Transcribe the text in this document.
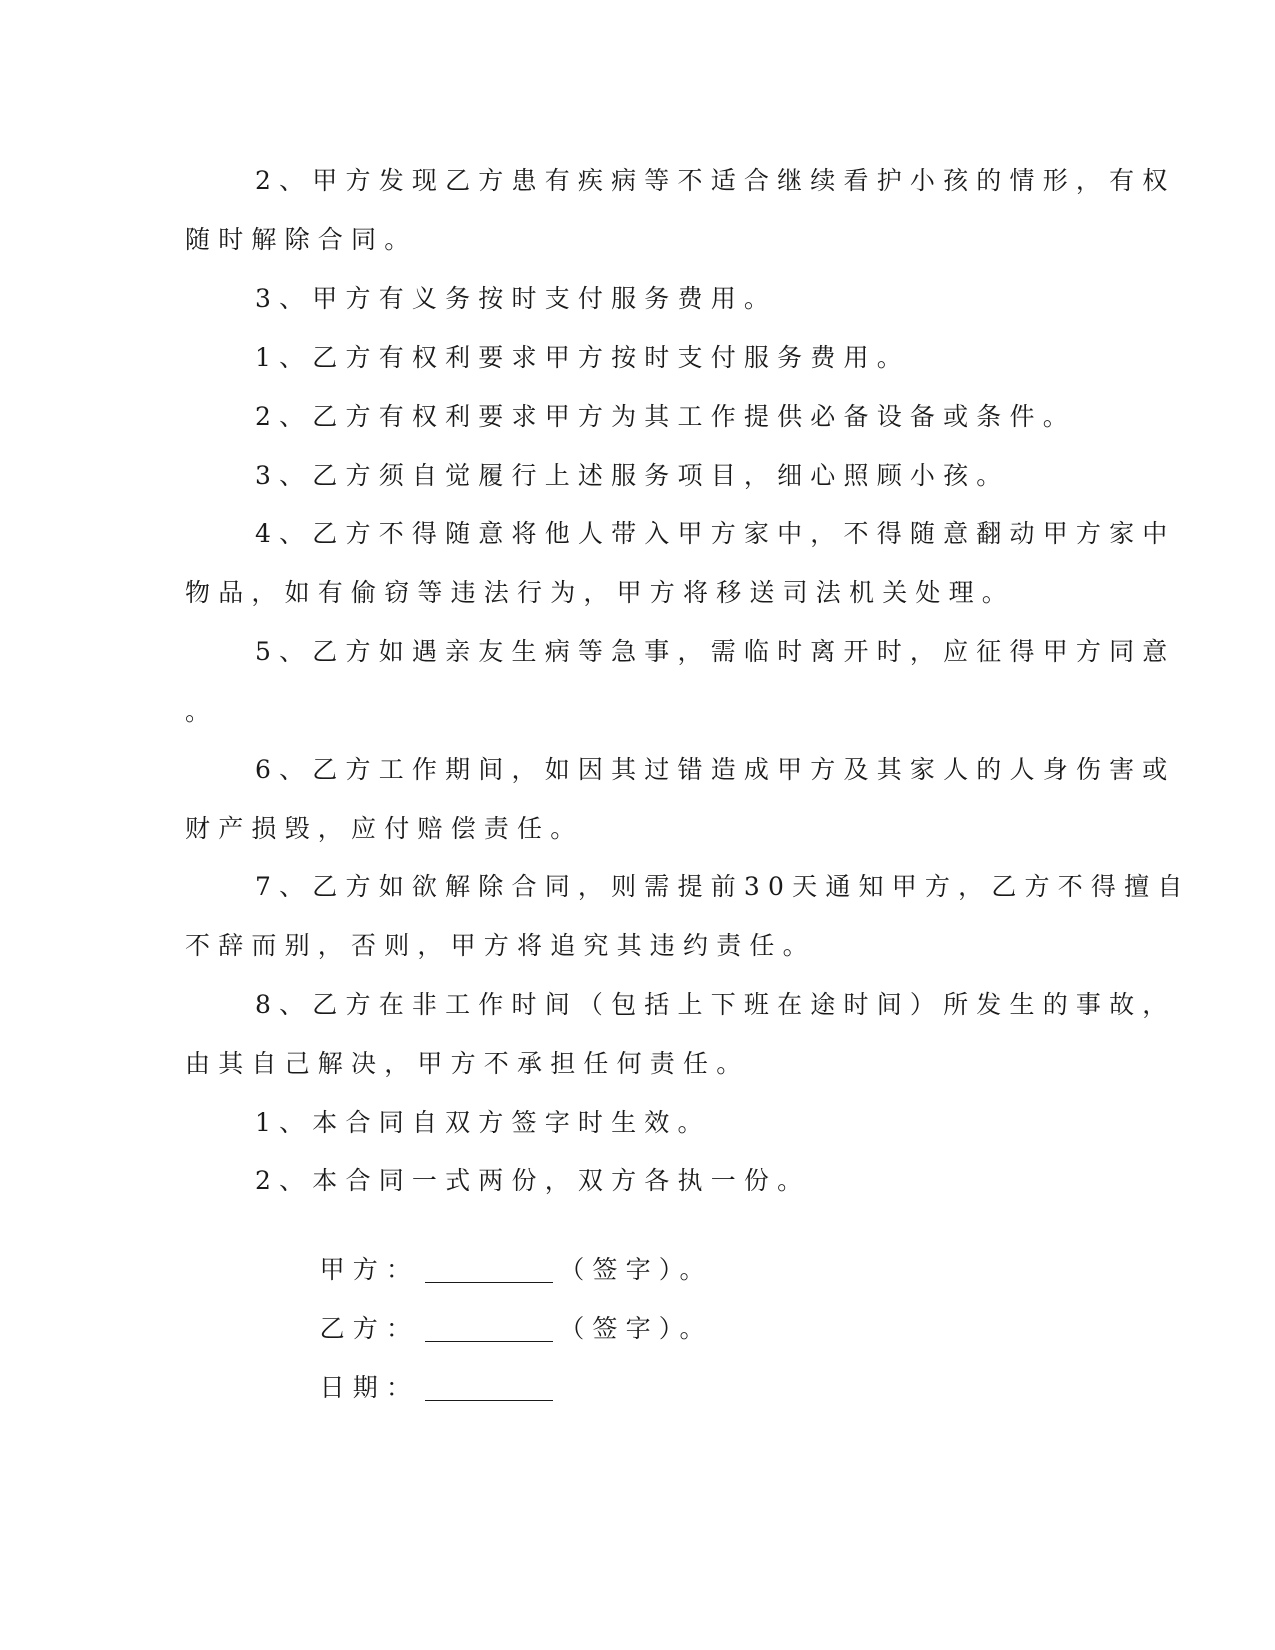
2、甲方发现乙方患有疾病等不适合继续看护小孩的情形，有权
随时解除合同。
3、甲方有义务按时支付服务费用。
1、乙方有权利要求甲方按时支付服务费用。
2、乙方有权利要求甲方为其工作提供必备设备或条件。
3、乙方须自觉履行上述服务项目，细心照顾小孩。
4、乙方不得随意将他人带入甲方家中，不得随意翻动甲方家中
物品，如有偷窃等违法行为，甲方将移送司法机关处理。
5、乙方如遇亲友生病等急事，需临时离开时，应征得甲方同意
。
6、乙方工作期间，如因其过错造成甲方及其家人的人身伤害或
财产损毁，应付赔偿责任。
7、乙方如欲解除合同，则需提前30天通知甲方，乙方不得擅自
不辞而别，否则，甲方将追究其违约责任。
8、乙方在非工作时间（包括上下班在途时间）所发生的事故，
由其自己解决，甲方不承担任何责任。
1、本合同自双方签字时生效。
2、本合同一式两份，双方各执一份。

甲方：	（签字）。

乙方：	（签字）。

日期：
